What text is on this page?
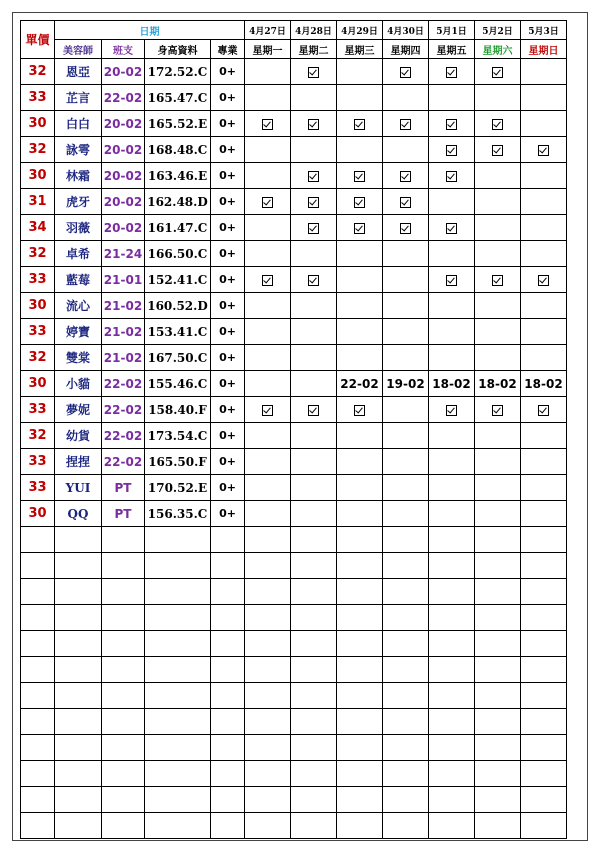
單價	日期				4月27日	4月28日	4月29日	4月30日	5月1日	5月2日	5月3日
	美容師	班支	身高資料	專業	星期一	星期二	星期三	星期四	星期五	星期六	星期日
32	恩亞	20-02	172.52.C	0+							
33	芷言	22-02	165.47.C	0+							
30	白白	20-02	165.52.E	0+							
32	詠雩	20-02	168.48.C	0+							
30	林霜	20-02	163.46.E	0+							
31	虎牙	20-02	162.48.D	0+							
34	羽薇	20-02	161.47.C	0+							
32	卓希	21-24	166.50.C	0+							
33	藍莓	21-01	152.41.C	0+							
30	流心	21-02	160.52.D	0+							
33	婷寶	21-02	153.41.C	0+							
32	雙棠	21-02	167.50.C	0+							
30	小貓	22-02	155.46.C	0+			22-02	19-02	18-02	18-02	18-02
33	夢妮	22-02	158.40.F	0+							
32	幼貨	22-02	173.54.C	0+							
33	捏捏	22-02	165.50.F	0+							
33	YUI	PT	170.52.E	0+							
30	QQ	PT	156.35.C	0+							
